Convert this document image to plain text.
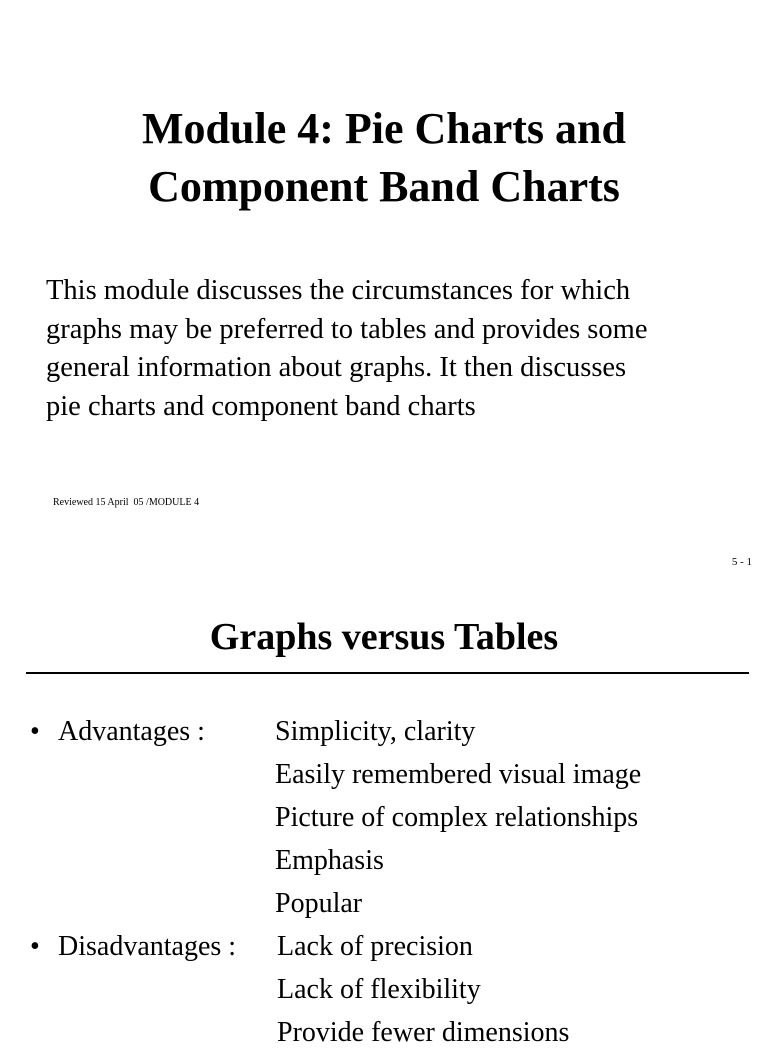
Module 4: Pie Charts and
Component Band Charts

This module discusses the circumstances for which
graphs may be preferred to tables and provides some
general information about graphs. It then discusses
pie charts and component band charts

Reviewed 15 April  05 /MODULE 4
5 - 1
Graphs versus Tables
• Advantages :	Simplicity, clarity
Easily remembered visual image
Picture of complex relationships
Emphasis
Popular
• Disadvantages : Lack of precision
Lack of flexibility
Provide fewer dimensions
